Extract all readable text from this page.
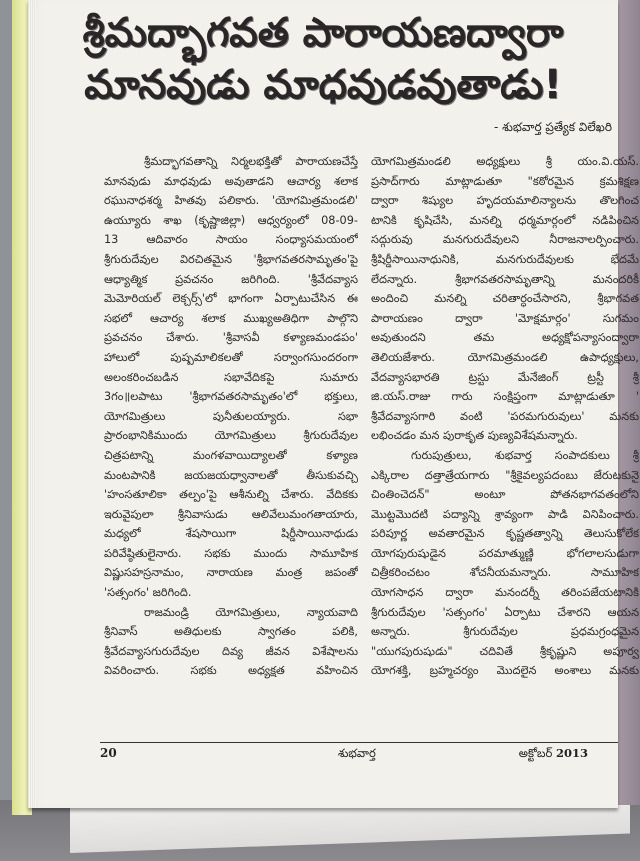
శ్రీమద్భాగవత పారాయణద్వారా
మానవుడు మాధవుడవుతాడు!
- శుభవార్త ప్రత్యేక విలేఖరి

శ్రీమద్భాగవతాన్ని నిర్మలభక్తితో పారాయణచేస్తే
మానవుడు మాధవుడు అవుతాడని ఆచార్య శలాక
రఘునాధశర్మ హితవు పలికారు. 'యోగమిత్రమండలి'
ఉయ్యూరు శాఖ (కృష్ణాజిల్లా) ఆధ్వర్యంలో 08-09-
13 ఆదివారం సాయం సంధ్యాసమయంలో
శ్రీగురుదేవుల విరచితమైన 'శ్రీభాగవతరసామృతం'పై
ఆధ్యాత్మిక ప్రవచనం జరిగింది. 'శ్రీవేదవ్యాస
మెమోరియల్ లెక్చర్స్'లో భాగంగా ఏర్పాటుచేసిన ఈ
సభలో ఆచార్య శలాక ముఖ్యఅతిధిగా పాల్గొని
ప్రవచనం చేశారు. 'శ్రీవాసవీ కళ్యాణమండపం'
హాలులో పుష్పమాలికలతో సర్వాంగసుందరంగా
అలంకరించబడిన సభావేదికపై సుమారు
3గం॥లపాటు 'శ్రీభాగవతరసామృతం'లో భక్తులు,
యోగమిత్రులు పునీతులయ్యారు. సభా
ప్రారంభానికిముందు యోగమిత్రులు శ్రీగురుదేవుల
చిత్రపటాన్ని మంగళవాయిద్యాలతో కళ్యాణ
మంటపానికి జయజయధ్వానాలతో తీసుకువచ్చి
'హంసతూలికా తల్పం'పై ఆశీనుల్ని చేశారు. వేదికకు
ఇరువైపులా శ్రీనివాసుడు ఆలివేలుమంగతాయారు,
మధ్యలో శేషసాయిగా షిర్డీసాయినాధుడు
పరివేష్ఠితులైనారు. సభకు ముందు సామూహిక
విష్ణుసహస్రనామం, నారాయణ మంత్ర జపంతో
'సత్సంగం' జరిగింది.

రాజమండ్రి యోగమిత్రులు, న్యాయవాది
శ్రీనివాస్ అతిధులకు స్వాగతం పలికి,
శ్రీవేదవ్యాసగురుదేవుల దివ్య జీవన విశేషాలను
వివరించారు. సభకు అధ్యక్షత వహించిన

యోగమిత్రమండలి అధ్యక్షులు శ్రీ యం.వి.యస్.
ప్రసాద్‌గారు మాట్లాడుతూ "కఠోరమైన క్రమశిక్షణ
ద్వారా శిష్యుల హృదయమాలిన్యాలను తొలగించ
టానికి కృషిచేసి, మనల్ని ధర్మమార్గంలో నడిపించిన
సద్గురువు మనగురుదేవులని నీరాజనాలర్పించారు.
శ్రీషిర్డీసాయినాధునికి, మనగురుదేవులకు భేదమే
లేదన్నారు. శ్రీభాగవతరసామృతాన్ని మనందరికీ
అందించి మనల్ని చరితార్ధంచేసారని, శ్రీభాగవత
పారాయణం ద్వారా 'మోక్షమార్గం' సుగమం
అవుతుందని తమ అధ్యక్షోపన్యాసంద్వారా
తెలియజేశారు. యోగమిత్రమండలి ఉపాధ్యక్షులు,
వేదవ్యాసభారతి ట్రస్టు మేనేజింగ్ ట్రస్టీ శ్రీ
జి.యస్.రాజు గారు సంక్షిప్తంగా మాట్లాడుతూ '
శ్రీవేదవ్యాసగారి వంటి 'పరమగురువులు' మనకు
లభించడం మన పురాకృత పుణ్యవిశేషమన్నారు.

గురుపుత్రులు, శుభవార్త సంపాదకులు శ్రీ
ఎక్కిరాల దత్తాత్రేయగారు "శ్రీకైవల్యపదంబు జేరుటకునై
చింతించెదన్" అంటూ పోతనభాగవతంలోని
మొట్టమొదటి పద్యాన్ని శ్రావ్యంగా పాడి వినిపించారు.
పరిపూర్ణ అవతారమైన కృష్ణతత్వాన్ని తెలుసుకోలేక
యోగపురుషుడైన పరమాత్ముణ్ణి భోగలాలసుడుగా
చిత్రీకరించటం శోచనీయమన్నారు. సామూహిక
యోగసాధన ద్వారా మనందర్నీ తరింపజేయటానికి
శ్రీగురుదేవుల 'సత్సంగం' ఏర్పాటు చేశారని ఆయన
అన్నారు. శ్రీగురుదేవుల ప్రధమగ్రంధమైన
"యుగపురుషుడు" చదివితే శ్రీకృష్ణుని అపూర్వ
యోగశక్తి, బ్రహ్మచర్యం మొదలైన అంశాలు మనకు

20	శుభవార్త	అక్టోబర్ 2013
